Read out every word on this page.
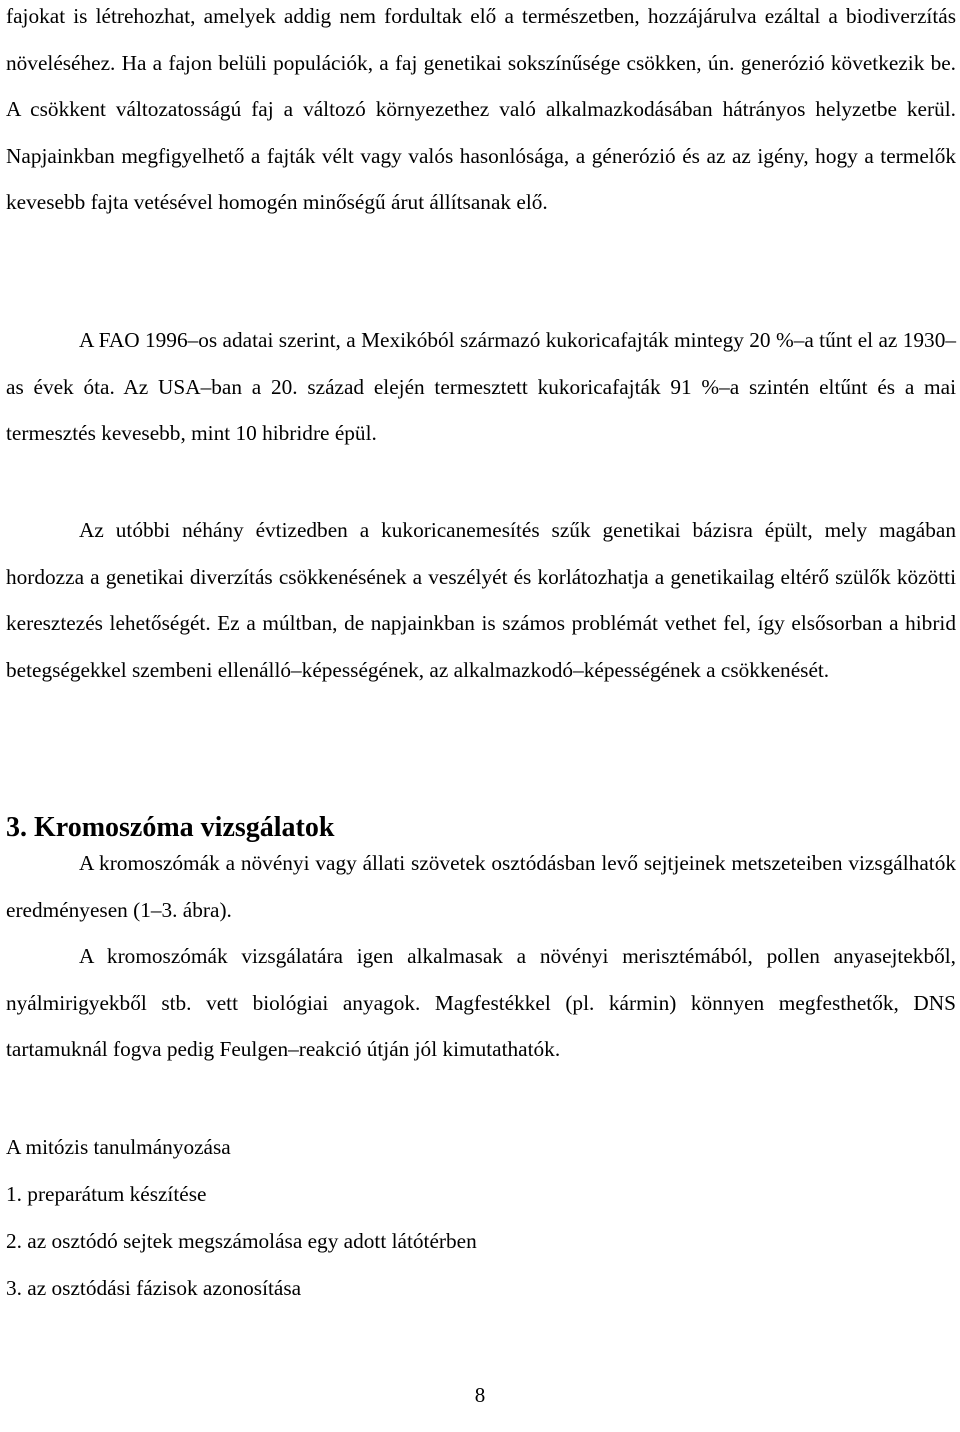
fajokat is létrehozhat, amelyek addig nem fordultak elő a természetben, hozzájárulva ezáltal a biodiverzítás növeléséhez. Ha a fajon belüli populációk, a faj genetikai sokszínűsége csökken, ún. generózió következik be. A csökkent változatosságú faj a változó környezethez való alkalmazkodásában hátrányos helyzetbe kerül. Napjainkban megfigyelhető a fajták vélt vagy valós hasonlósága, a génerózió és az az igény, hogy a termelők kevesebb fajta vetésével homogén minőségű árut állítsanak elő.

A FAO 1996–os adatai szerint, a Mexikóból származó kukoricafajták mintegy 20 %–a tűnt el az 1930–as évek óta. Az USA–ban a 20. század elején termesztett kukoricafajták 91 %–a szintén eltűnt és a mai termesztés kevesebb, mint 10 hibridre épül.

Az utóbbi néhány évtizedben a kukoricanemesítés szűk genetikai bázisra épült, mely magában hordozza a genetikai diverzítás csökkenésének a veszélyét és korlátozhatja a genetikailag eltérő szülők közötti keresztezés lehetőségét. Ez a múltban, de napjainkban is számos problémát vethet fel, így elsősorban a hibrid betegségekkel szembeni ellenálló–képességének, az alkalmazkodó–képességének a csökkenését.

3. Kromoszóma vizsgálatok

A kromoszómák a növényi vagy állati szövetek osztódásban levő sejtjeinek metszeteiben vizsgálhatók eredményesen (1–3. ábra).

A kromoszómák vizsgálatára igen alkalmasak a növényi merisztémából, pollen anyasejtekből, nyálmirigyekből stb. vett biológiai anyagok. Magfestékkel (pl. kármin) könnyen megfesthetők, DNS tartamuknál fogva pedig Feulgen–reakció útján jól kimutathatók.

A mitózis tanulmányozása

1. preparátum készítése

2. az osztódó sejtek megszámolása egy adott látótérben

3. az osztódási fázisok azonosítása

8
